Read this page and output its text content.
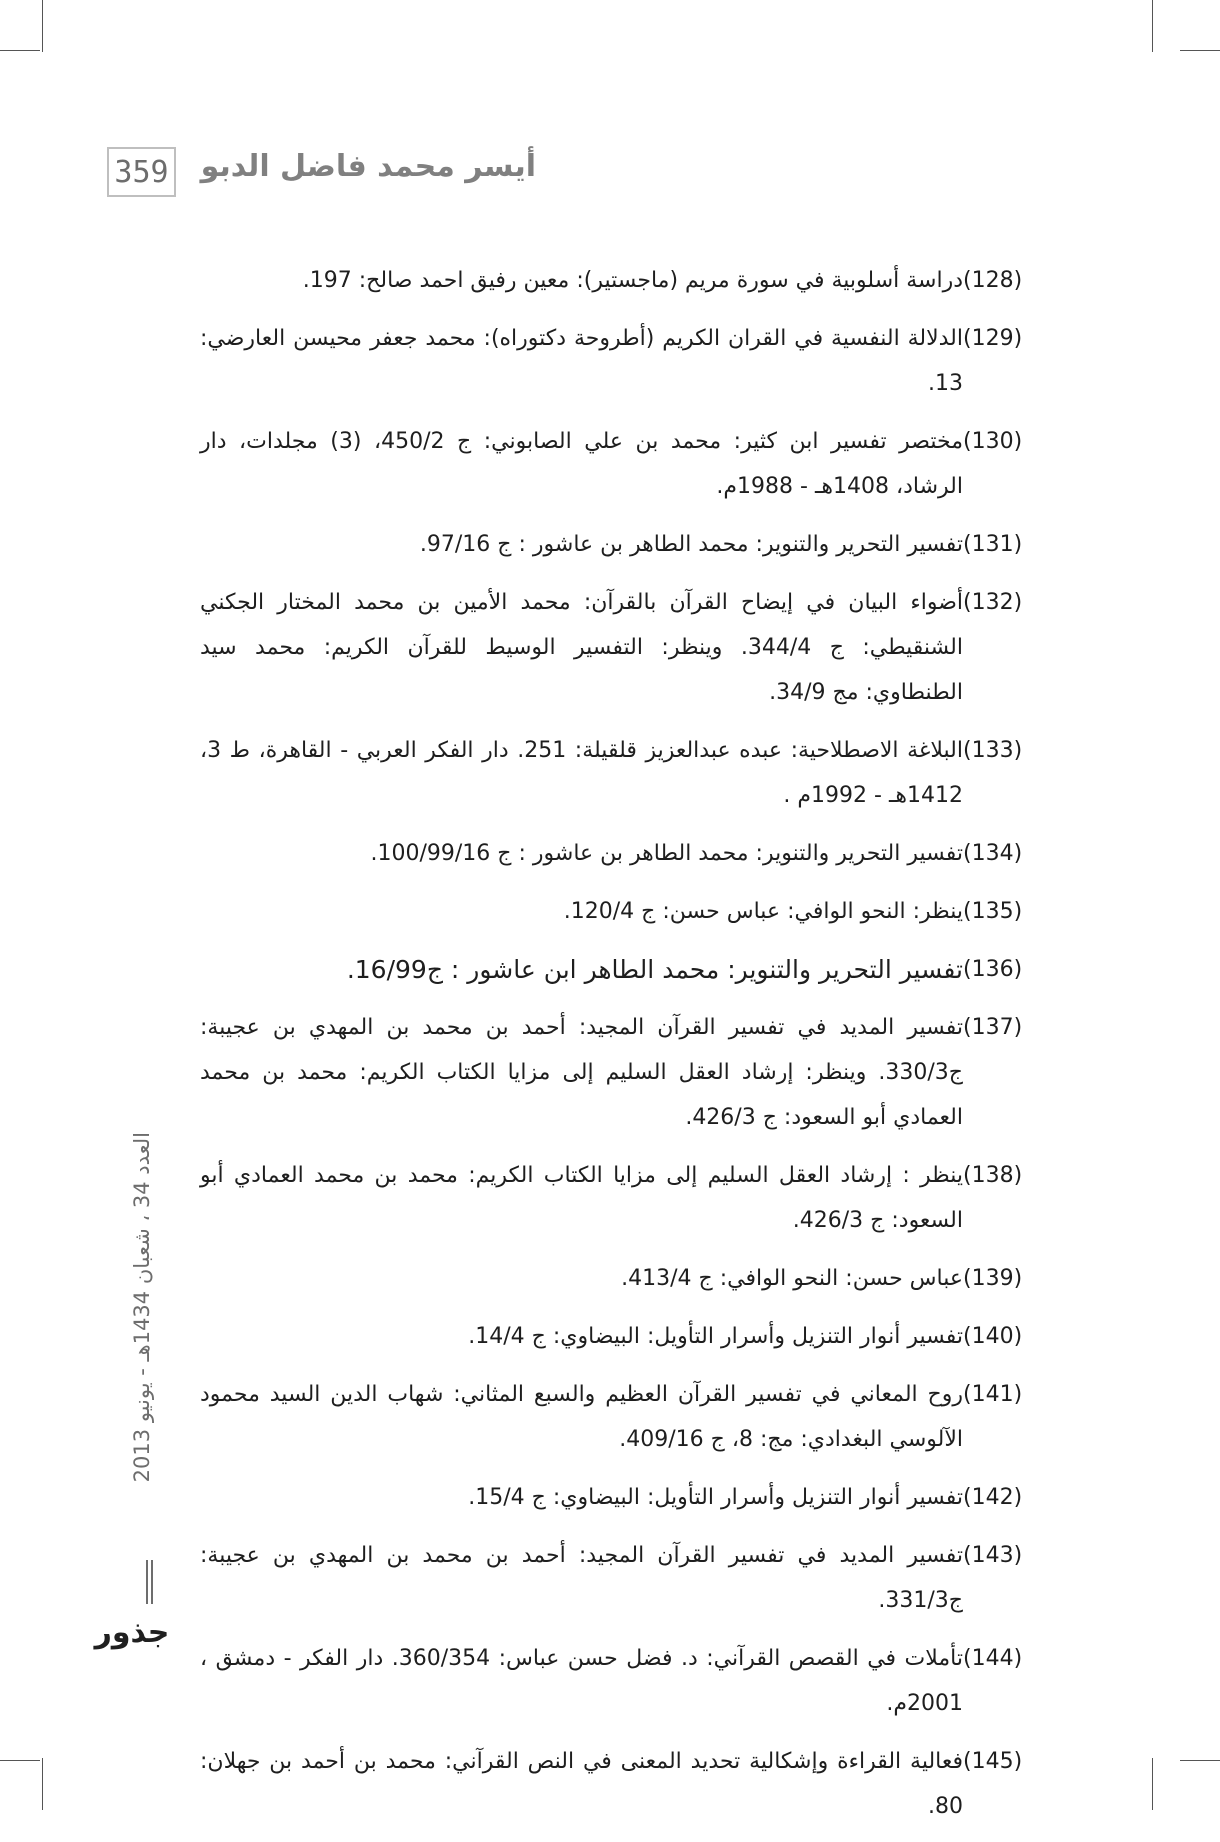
359 أيسر محمد فاضل الدبو
العدد 34 ، شعبان 1434هـ - يونيو 2013
جذور
(128)
دراسة أسلوبية في سورة مريم (ماجستير): معين رفيق احمد صالح: 197.
(129)
الدلالة النفسية في القران الكريم (أطروحة دكتوراه): محمد جعفر محيسن العارضي: 13.
(130)
مختصر تفسير ابن كثير: محمد بن علي الصابوني: ج 450/2، (3) مجلدات، دار الرشاد، 1408هـ - 1988م.
(131)
تفسير التحرير والتنوير: محمد الطاهر بن عاشور : ج 97/16.
(132)
أضواء البيان في إيضاح القرآن بالقرآن: محمد الأمين بن محمد المختار الجكني الشنقيطي: ج 344/4. وينظر: التفسير الوسيط للقرآن الكريم: محمد سيد الطنطاوي: مج 34/9.
(133)
البلاغة الاصطلاحية: عبده عبدالعزيز قلقيلة: 251. دار الفكر العربي - القاهرة، ط 3، 1412هـ - 1992م .
(134)
تفسير التحرير والتنوير: محمد الطاهر بن عاشور : ج 100/99/16.
(135)
ينظر: النحو الوافي: عباس حسن: ج 120/4.
(136)
تفسير التحرير والتنوير: محمد الطاهر ابن عاشور : ج16/99.
(137)
تفسير المديد في تفسير القرآن المجيد: أحمد بن محمد بن المهدي بن عجيبة: ج330/3. وينظر: إرشاد العقل السليم إلى مزايا الكتاب الكريم: محمد بن محمد العمادي أبو السعود: ج 426/3.
(138)
ينظر : إرشاد العقل السليم إلى مزايا الكتاب الكريم: محمد بن محمد العمادي أبو السعود: ج 426/3.
(139)
عباس حسن: النحو الوافي: ج 413/4.
(140)
تفسير أنوار التنزيل وأسرار التأويل: البيضاوي: ج 14/4.
(141)
روح المعاني في تفسير القرآن العظيم والسبع المثاني: شهاب الدين السيد محمود الآلوسي البغدادي: مج: 8، ج 409/16.
(142)
تفسير أنوار التنزيل وأسرار التأويل: البيضاوي: ج 15/4.
(143)
تفسير المديد في تفسير القرآن المجيد: أحمد بن محمد بن المهدي بن عجيبة: ج331/3.
(144)
تأملات في القصص القرآني: د. فضل حسن عباس: 360/354. دار الفكر - دمشق ، 2001م.
(145)
فعالية القراءة وإشكالية تحديد المعنى في النص القرآني: محمد بن أحمد بن جهلان: 80.
